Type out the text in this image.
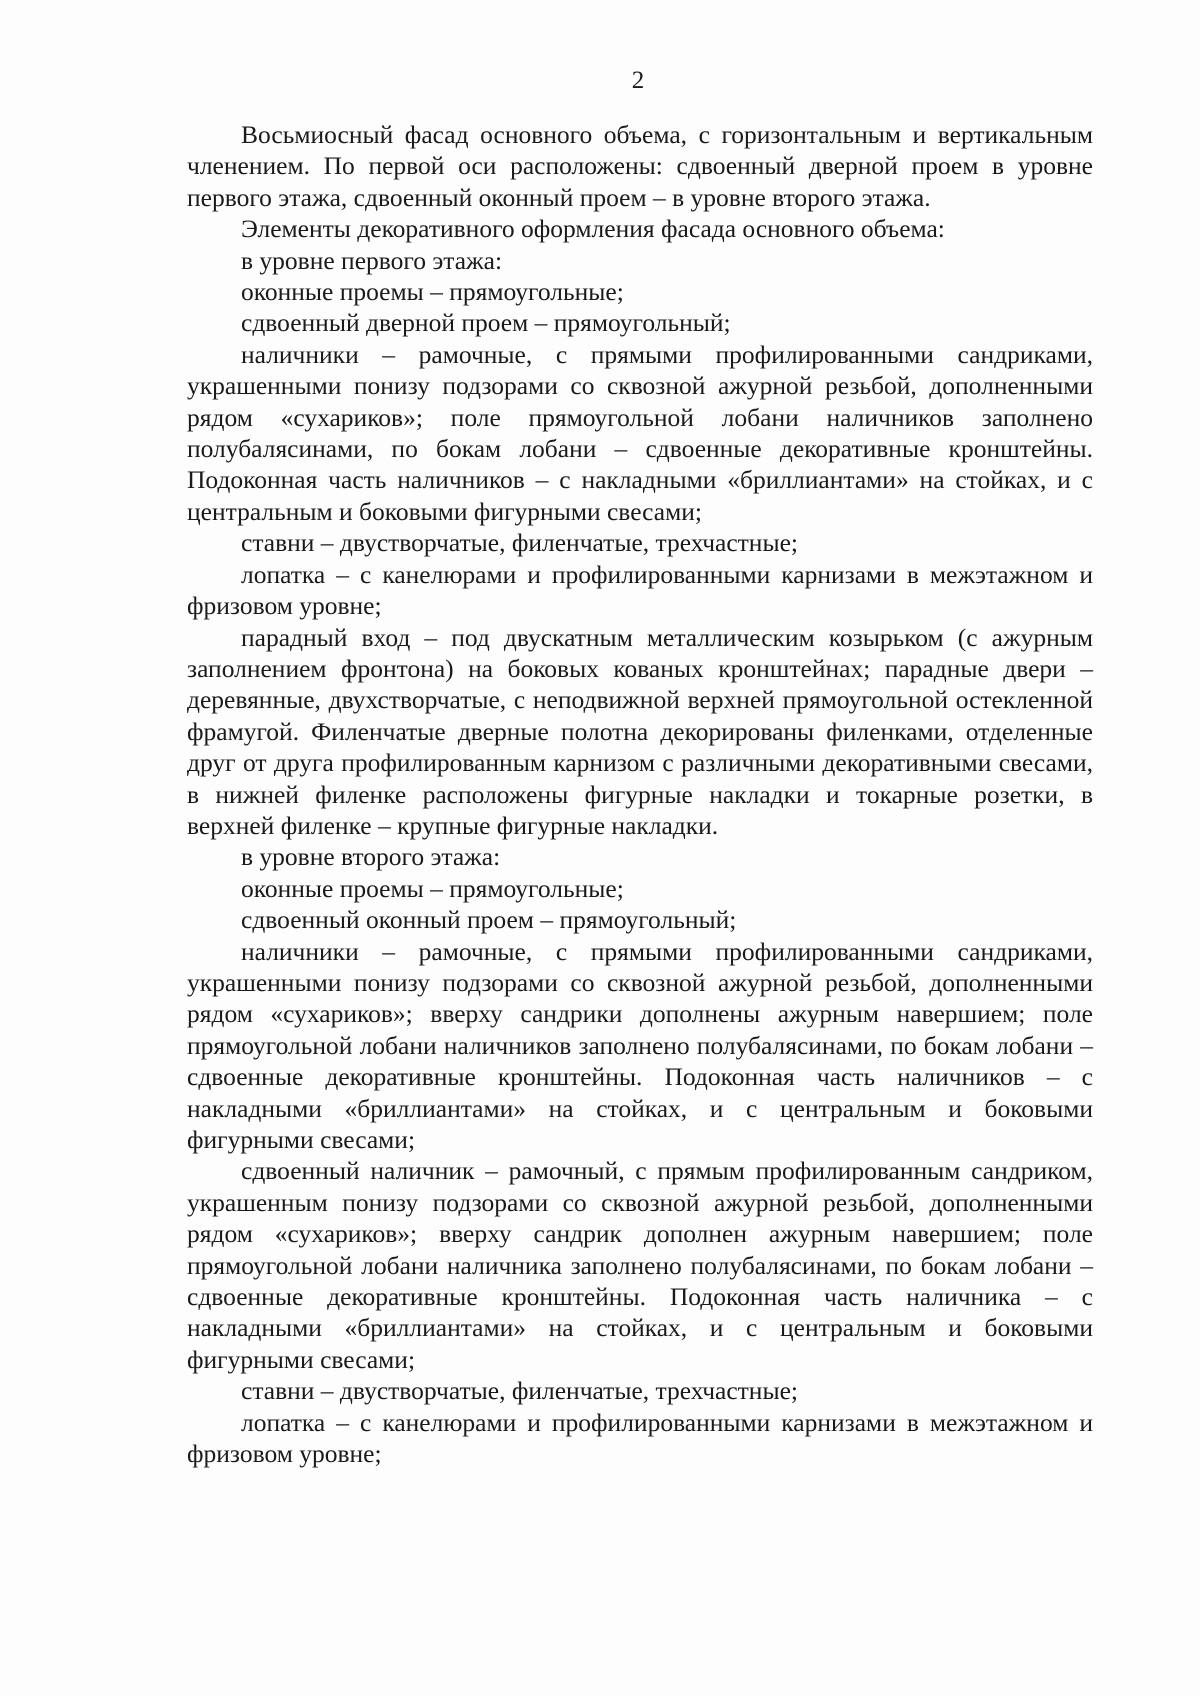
2

Восьмиосный фасад основного объема, с горизонтальным и вертикальным членением. По первой оси расположены: сдвоенный дверной проем в уровне первого этажа, сдвоенный оконный проем – в уровне второго этажа.

Элементы декоративного оформления фасада основного объема:

в уровне первого этажа:

оконные проемы – прямоугольные;

сдвоенный дверной проем – прямоугольный;

наличники – рамочные, с прямыми профилированными сандриками, украшенными понизу подзорами со сквозной ажурной резьбой, дополненными рядом «сухариков»; поле прямоугольной лобани наличников заполнено полубалясинами, по бокам лобани – сдвоенные декоративные кронштейны. Подоконная часть наличников – с накладными «бриллиантами» на стойках, и с центральным и боковыми фигурными свесами;

ставни – двустворчатые, филенчатые, трехчастные;

лопатка – с канелюрами и профилированными карнизами в межэтажном и фризовом уровне;

парадный вход – под двускатным металлическим козырьком (с ажурным заполнением фронтона) на боковых кованых кронштейнах; парадные двери – деревянные, двухстворчатые, с неподвижной верхней прямоугольной остекленной фрамугой. Филенчатые дверные полотна декорированы филенками, отделенные друг от друга профилированным карнизом с различными декоративными свесами, в нижней филенке расположены фигурные накладки и токарные розетки, в верхней филенке – крупные фигурные накладки.

в уровне второго этажа:

оконные проемы – прямоугольные;

сдвоенный оконный проем – прямоугольный;

наличники – рамочные, с прямыми профилированными сандриками, украшенными понизу подзорами со сквозной ажурной резьбой, дополненными рядом «сухариков»; вверху сандрики дополнены ажурным навершием; поле прямоугольной лобани наличников заполнено полубалясинами, по бокам лобани – сдвоенные декоративные кронштейны. Подоконная часть наличников – с накладными «бриллиантами» на стойках, и с центральным и боковыми фигурными свесами;

сдвоенный наличник – рамочный, с прямым профилированным сандриком, украшенным понизу подзорами со сквозной ажурной резьбой, дополненными рядом «сухариков»; вверху сандрик дополнен ажурным навершием; поле прямоугольной лобани наличника заполнено полубалясинами, по бокам лобани – сдвоенные декоративные кронштейны. Подоконная часть наличника – с накладными «бриллиантами» на стойках, и с центральным и боковыми фигурными свесами;

ставни – двустворчатые, филенчатые, трехчастные;

лопатка – с канелюрами и профилированными карнизами в межэтажном и фризовом уровне;
